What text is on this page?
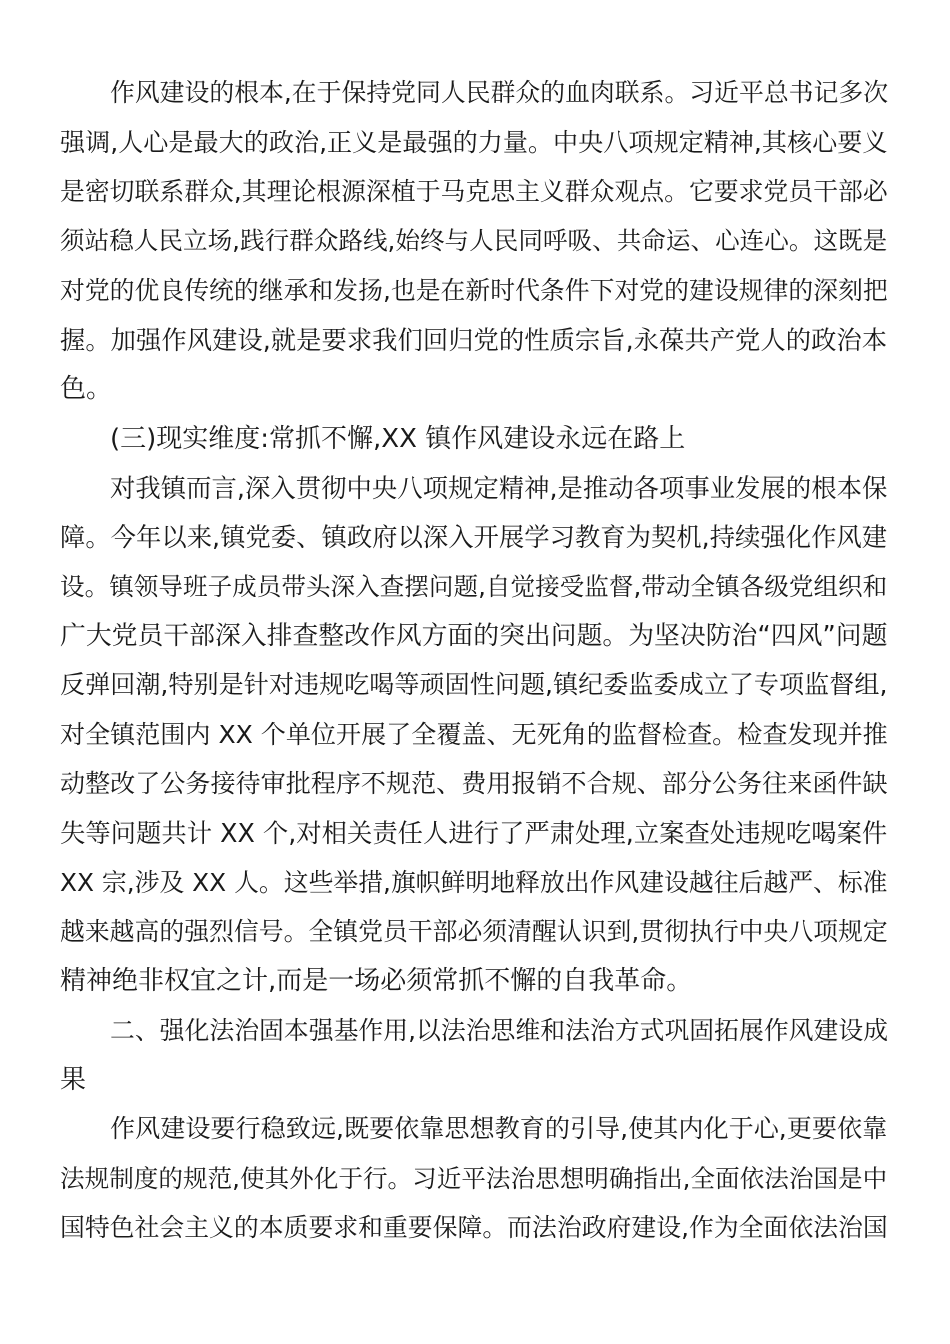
作风建设的根本,在于保持党同人民群众的血肉联系。习近平总书记多次
强调,人心是最大的政治,正义是最强的力量。中央八项规定精神,其核心要义
是密切联系群众,其理论根源深植于马克思主义群众观点。它要求党员干部必
须站稳人民立场,践行群众路线,始终与人民同呼吸、共命运、心连心。这既是
对党的优良传统的继承和发扬,也是在新时代条件下对党的建设规律的深刻把
握。加强作风建设,就是要求我们回归党的性质宗旨,永葆共产党人的政治本
色。
(三)现实维度:常抓不懈,XX 镇作风建设永远在路上
对我镇而言,深入贯彻中央八项规定精神,是推动各项事业发展的根本保
障。今年以来,镇党委、镇政府以深入开展学习教育为契机,持续强化作风建
设。镇领导班子成员带头深入查摆问题,自觉接受监督,带动全镇各级党组织和
广大党员干部深入排查整改作风方面的突出问题。为坚决防治“四风”问题
反弹回潮,特别是针对违规吃喝等顽固性问题,镇纪委监委成立了专项监督组,
对全镇范围内 XX 个单位开展了全覆盖、无死角的监督检查。检查发现并推
动整改了公务接待审批程序不规范、费用报销不合规、部分公务往来函件缺
失等问题共计 XX 个,对相关责任人进行了严肃处理,立案查处违规吃喝案件
XX 宗,涉及 XX 人。这些举措,旗帜鲜明地释放出作风建设越往后越严、标准
越来越高的强烈信号。全镇党员干部必须清醒认识到,贯彻执行中央八项规定
精神绝非权宜之计,而是一场必须常抓不懈的自我革命。
二、强化法治固本强基作用,以法治思维和法治方式巩固拓展作风建设成
果
作风建设要行稳致远,既要依靠思想教育的引导,使其内化于心,更要依靠
法规制度的规范,使其外化于行。习近平法治思想明确指出,全面依法治国是中
国特色社会主义的本质要求和重要保障。而法治政府建设,作为全面依法治国
